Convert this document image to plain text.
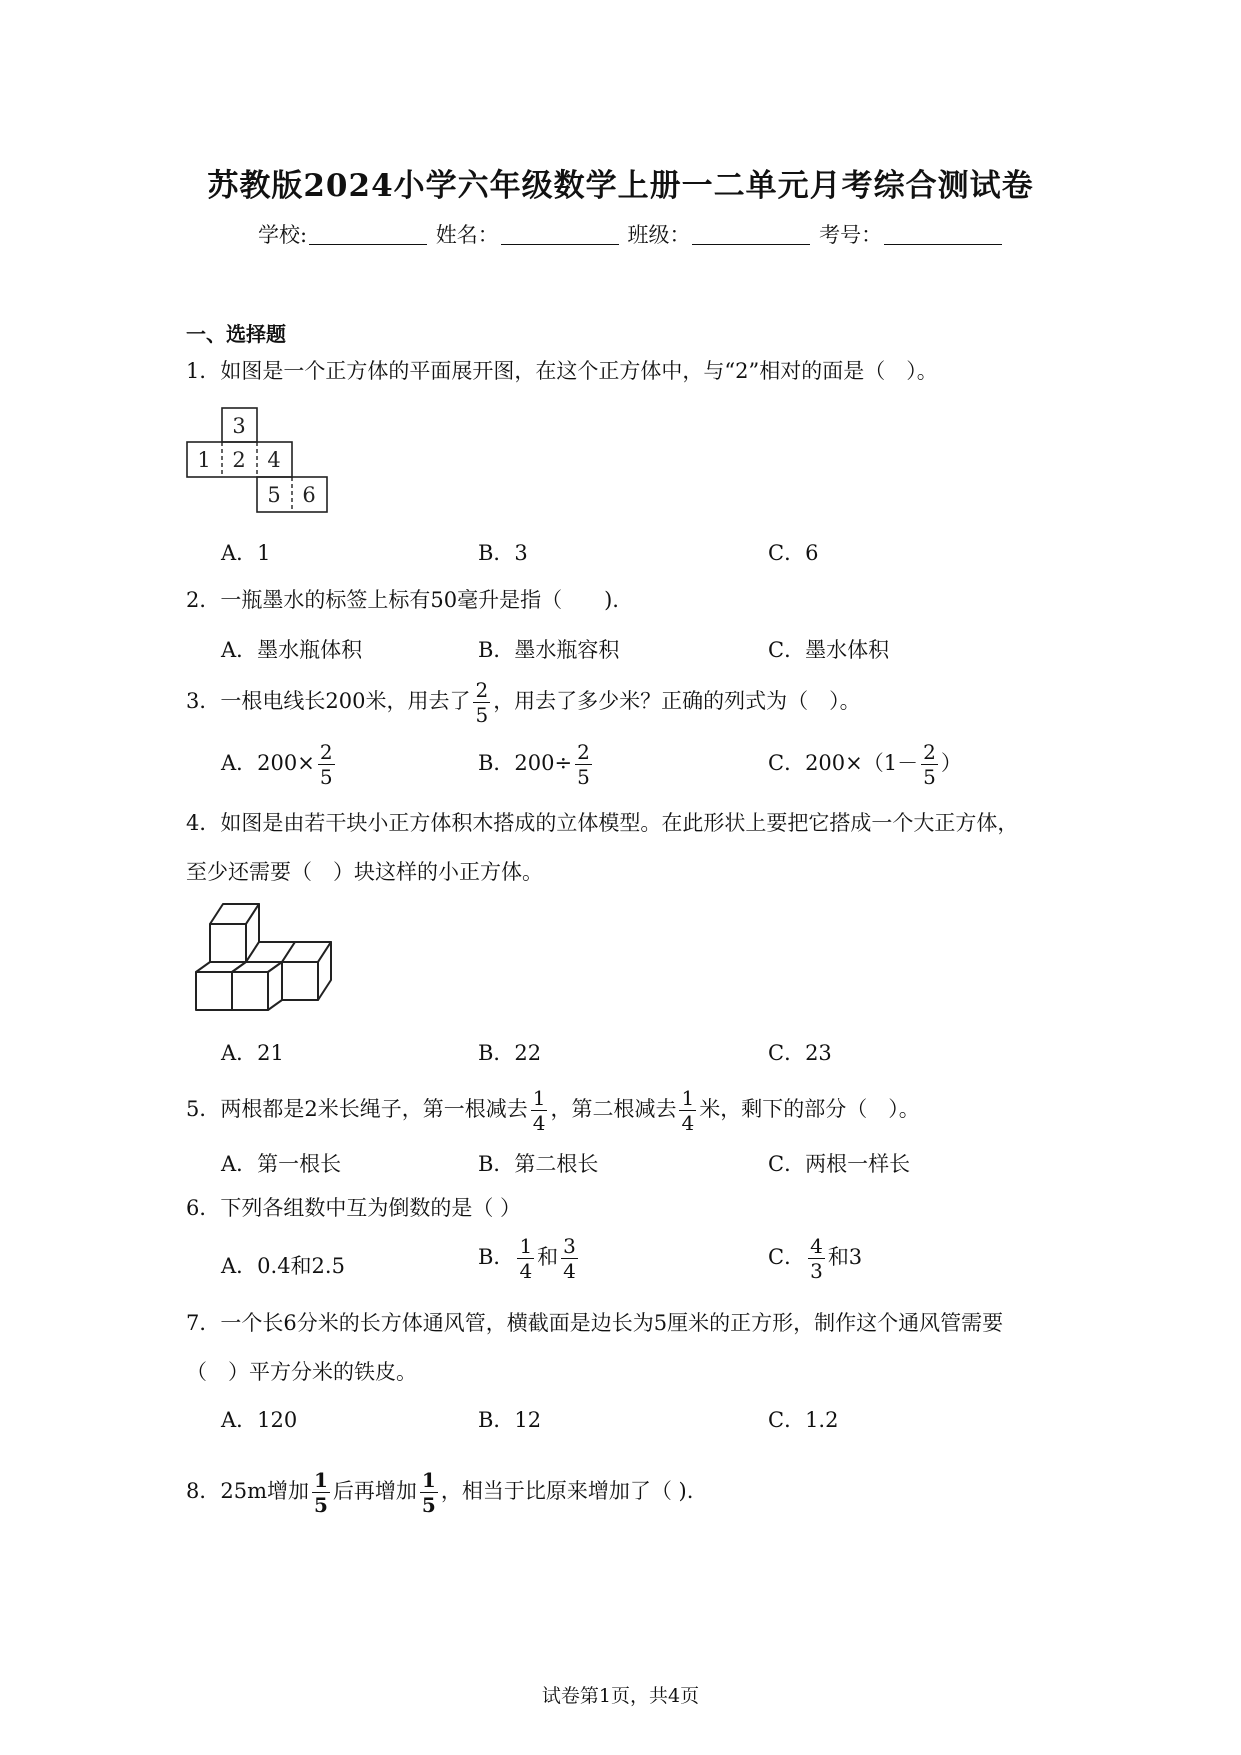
苏教版2024小学六年级数学上册一二单元月考综合测试卷
学校:	姓名：	班级：	考号：
一、选择题
1．如图是一个正方体的平面展开图，在这个正方体中，与“2”相对的面是（　）。
3
1 2 4
5 6
A．1	B．3	C．6
2．一瓶墨水的标签上标有50毫升是指（　　).
A．墨水瓶体积	B．墨水瓶容积	C．墨水体积
3．一根电线长200米，用去了 $\frac{2}{5}$ ，用去了多少米？正确的列式为（　）。
A．$200\times \frac{2}{5}$	B．$200\div \frac{2}{5}$	C．$200\times(1- \frac{2}{5}$ ）
4．如图是由若干块小正方体积木搭成的立体模型。在此形状上要把它搭成一个大正方体，
至少还需要（　）块这样的小正方体。
A．21	B．22	C．23
5．两根都是2米长绳子，第一根减去 $\frac{1}{4}$ ，第二根减去 $\frac{1}{4}$ 米，剩下的部分（　）。
A．第一根长	B．第二根长	C．两根一样长
6．下列各组数中互为倒数的是（ ）
A．0.4和2.5	B． $\frac{1}{4}$ 和 $\frac{3}{4}$	C． $\frac{4}{3}$ 和3
7．一个长6分米的长方体通风管，横截面是边长为5厘米的正方形，制作这个通风管需要
（　）平方分米的铁皮。
A．120	B．12	C．1.2
8．25m增加 $\frac{1}{5}$ 后再增加 $\frac{1}{5}$ ，相当于比原来增加了（ ).
试卷第1页，共4页
